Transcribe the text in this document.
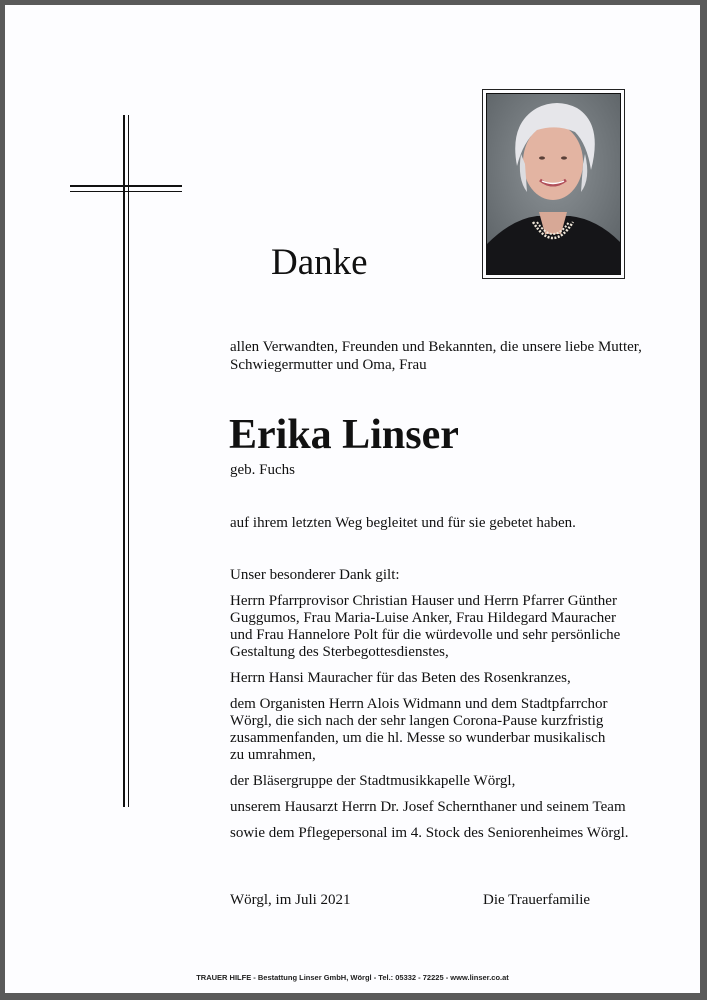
Danke
allen Verwandten, Freunden und Bekannten, die unsere liebe Mutter,
Schwiegermutter und Oma, Frau
Erika Linser
geb. Fuchs
auf ihrem letzten Weg begleitet und für sie gebetet haben.
Unser besonderer Dank gilt:
Herrn Pfarrprovisor Christian Hauser und Herrn Pfarrer Günther
Guggumos, Frau Maria-Luise Anker, Frau Hildegard Mauracher
und Frau Hannelore Polt für die würdevolle und sehr persönliche
Gestaltung des Sterbegottesdienstes,
Herrn Hansi Mauracher für das Beten des Rosenkranzes,
dem Organisten Herrn Alois Widmann und dem Stadtpfarrchor
Wörgl, die sich nach der sehr langen Corona-Pause kurzfristig
zusammenfanden, um die hl. Messe so wunderbar musikalisch
zu umrahmen,
der Bläsergruppe der Stadtmusikkapelle Wörgl,
unserem Hausarzt Herrn Dr. Josef Schernthaner und seinem Team
sowie dem Pflegepersonal im 4. Stock des Seniorenheimes Wörgl.
Wörgl, im Juli 2021	Die Trauerfamilie
TRAUER HILFE - Bestattung Linser GmbH, Wörgl - Tel.: 05332 - 72225 - www.linser.co.at
